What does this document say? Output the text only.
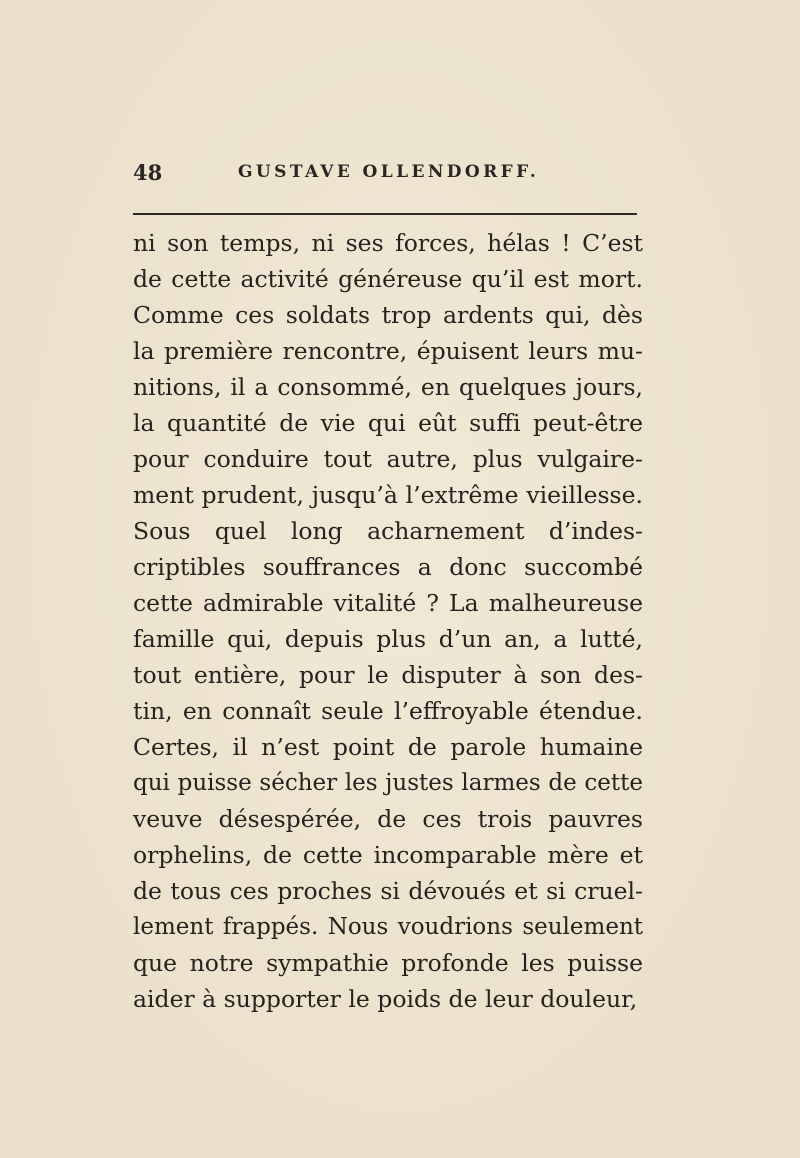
48	GUSTAVE OLLENDORFF.
ni son temps, ni ses forces, hélas ! C’est
de cette activité généreuse qu’il est mort.
Comme ces soldats trop ardents qui, dès
la première rencontre, épuisent leurs mu-
nitions, il a consommé, en quelques jours,
la quantité de vie qui eût suffi peut-être
pour conduire tout autre, plus vulgaire-
ment prudent, jusqu’à l’extrême vieillesse.
Sous quel long acharnement d’indes-
criptibles souffrances a donc succombé
cette admirable vitalité ? La malheureuse
famille qui, depuis plus d’un an, a lutté,
tout entière, pour le disputer à son des-
tin, en connaît seule l’effroyable étendue.
Certes, il n’est point de parole humaine
qui puisse sécher les justes larmes de cette
veuve désespérée, de ces trois pauvres
orphelins, de cette incomparable mère et
de tous ces proches si dévoués et si cruel-
lement frappés. Nous voudrions seulement
que notre sympathie profonde les puisse
aider à supporter le poids de leur douleur,
